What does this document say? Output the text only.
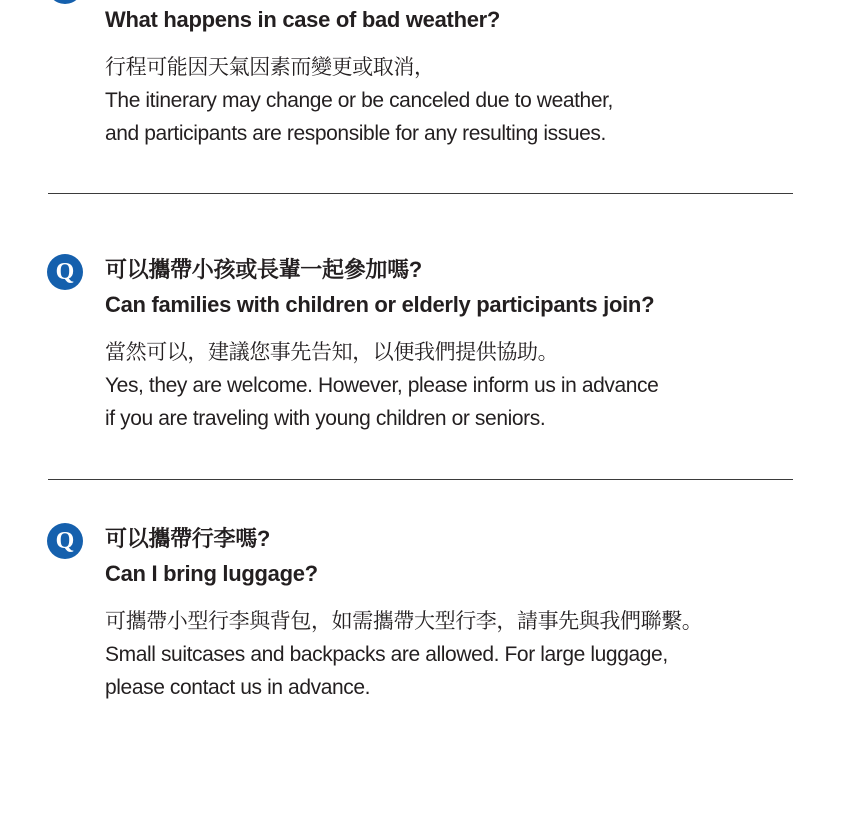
What happens in case of bad weather?
行程可能因天氣因素而變更或取消，
The itinerary may change or be canceled due to weather,
and participants are responsible for any resulting issues.
Q	可以攜帶小孩或長輩一起參加嗎?
Can families with children or elderly participants join?
當然可以，建議您事先告知，以便我們提供協助。
Yes, they are welcome. However, please inform us in advance
if you are traveling with young children or seniors.
Q	可以攜帶行李嗎?
Can I bring luggage?
可攜帶小型行李與背包，如需攜帶大型行李，請事先與我們聯繫。
Small suitcases and backpacks are allowed. For large luggage,
please contact us in advance.
